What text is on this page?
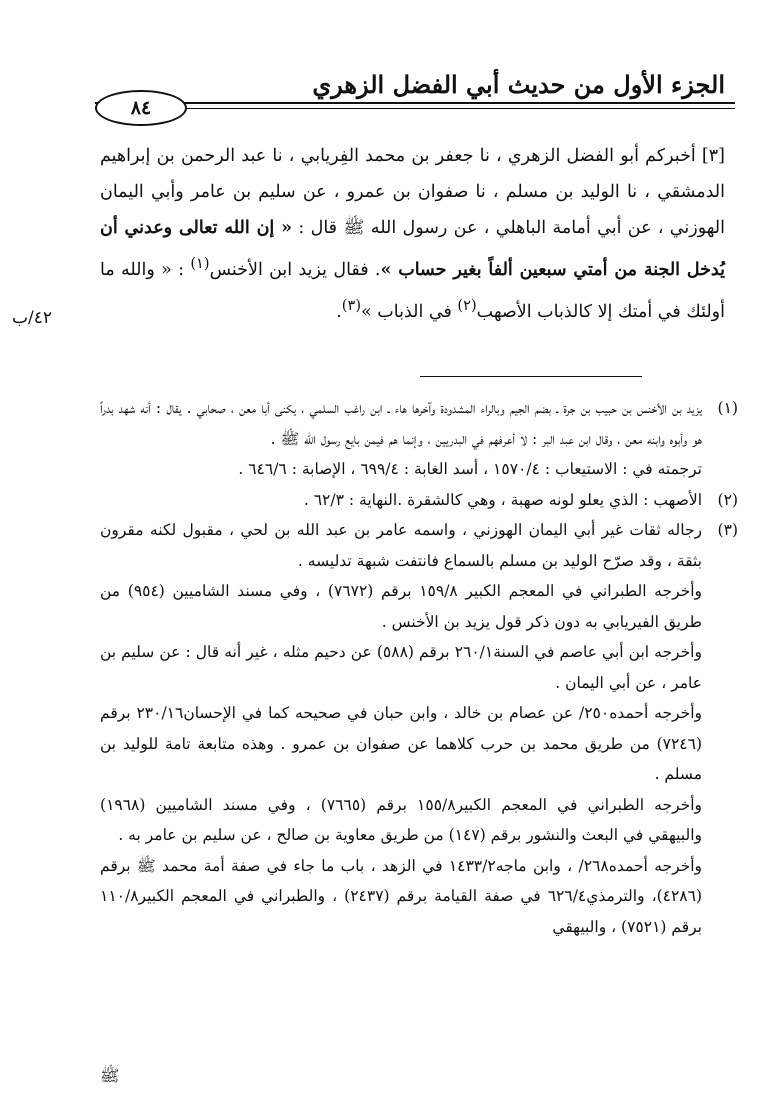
الجزء الأول من حديث أبي الفضل الزهري
٨٤

[٣] أخبركم أبو الفضل الزهري ، نا جعفر بن محمد الفِريابي ، نا عبد الرحمن بن إبراهيم الدمشقي ، نا الوليد بن مسلم ، نا صفوان بن عمرو ، عن سليم بن عامر وأبي اليمان الهوزني ، عن أبي أمامة الباهلي ، عن رسول الله ﷺ قال : « إن الله تعالى وعدني أن يُدخل الجنة من أمتي سبعين ألفاً بغير حساب ». فقال يزيد ابن الأخنس$^{(١)}$ : « والله ما أولئك في أمتك إلا كالذباب الأصهب$^{(٢)}$ في الذباب »$^{(٣)}$.

٤٢/ب
(١)

يزيد بن الأخنس بن حبيب بن جرة ـ بضم الجيم وبالراء المشدودة وآخرها هاء ـ ابن راغب السلمي ، يكنى أبا معن ، صحابي . يقال : أنه شهد بدراً هو وأبوه وابنه معن ، وقال ابن عبد البر : لا أعرفهم في البدريين ، وإنما هم فيمن بايع رسول الله ﷺ .

ترجمته في : الاستيعاب : ١٥٧٠/٤ ، أسد الغابة : ٦٩٩/٤ ، الإصابة : ٦٤٦/٦ .

(٢)

الأصهب : الذي يعلو لونه صهبة ، وهي كالشقرة .النهاية : ٦٢/٣ .

(٣)

رجاله ثقات غير أبي اليمان الهوزني ، واسمه عامر بن عبد الله بن لحي ، مقبول لكنه مقرون بثقة ، وقد صرّح الوليد بن مسلم بالسماع فانتفت شبهة تدليسه .

وأخرجه الطبراني في المعجم الكبير ١٥٩/٨ برقم (٧٦٧٢) ، وفي مسند الشاميين (٩٥٤) من طريق الفيريابي به دون ذكر قول يزيد بن الأخنس .

وأخرجه ابن أبي عاصم في السنة٢٦٠/١ برقم (٥٨٨) عن دحيم مثله ، غير أنه قال : عن سليم بن عامر ، عن أبي اليمان .

وأخرجه أحمده٢٥٠/ عن عصام بن خالد ، وابن حبان في صحيحه كما في الإحسان٢٣٠/١٦ برقم (٧٢٤٦) من طريق محمد بن حرب كلاهما عن صفوان بن عمرو . وهذه متابعة تامة للوليد بن مسلم .

وأخرجه الطبراني في المعجم الكبير١٥٥/٨ برقم (٧٦٦٥) ، وفي مسند الشاميين (١٩٦٨) والبيهقي في البعث والنشور برقم (١٤٧) من طريق معاوية بن صالح ، عن سليم بن عامر به .

وأخرجه أحمده٢٦٨/ ، وابن ماجه١٤٣٣/٢ في الزهد ، باب ما جاء في صفة أمة محمد ﷺ برقم (٤٢٨٦)، والترمذي٦٢٦/٤ في صفة القيامة برقم (٢٤٣٧) ، والطبراني في المعجم الكبير١١٠/٨ برقم (٧٥٢١) ، والبيهقي

ﷺ
